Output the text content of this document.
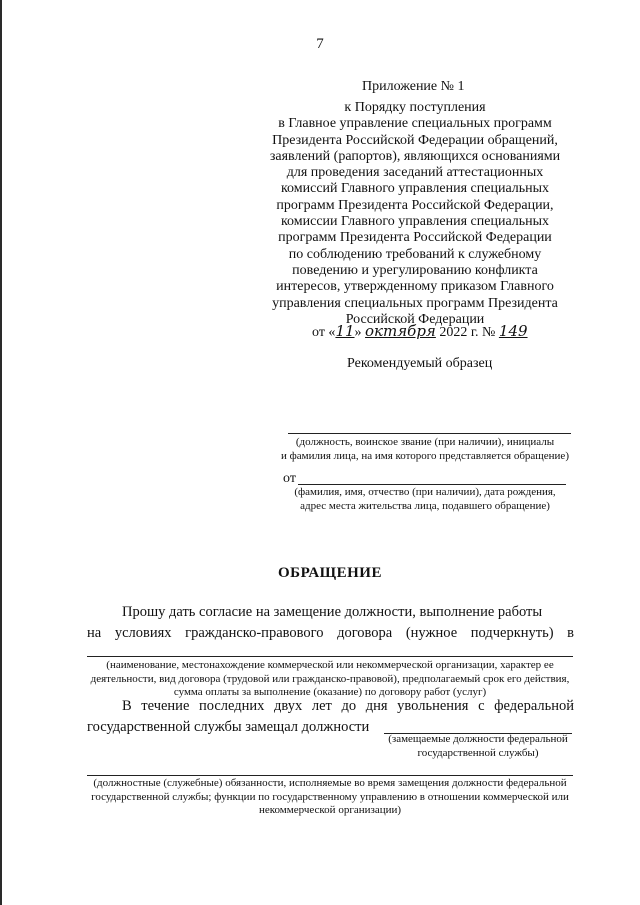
7
Приложение № 1
к Порядку поступления
в Главное управление специальных программ
Президента Российской Федерации обращений,
заявлений (рапортов), являющихся основаниями
для проведения заседаний аттестационных
комиссий Главного управления специальных
программ Президента Российской Федерации,
комиссии Главного управления специальных
программ Президента Российской Федерации
по соблюдению требований к служебному
поведению и урегулированию конфликта
интересов, утвержденному приказом Главного
управления специальных программ Президента
Российской Федерации
от «11» октября 2022 г. № 149
Рекомендуемый образец
(должность, воинское звание (при наличии), инициалы
и фамилия лица, на имя которого представляется обращение)
от
(фамилия, имя, отчество (при наличии), дата рождения,
адрес места жительства лица, подавшего обращение)
ОБРАЩЕНИЕ
Прошу дать согласие на замещение должности, выполнение работы
на условиях гражданско-правового договора (нужное подчеркнуть) в
(наименование, местонахождение коммерческой или некоммерческой организации, характер ее
деятельности, вид договора (трудовой или гражданско-правовой), предполагаемый срок его действия,
сумма оплаты за выполнение (оказание) по договору работ (услуг)
В течение последних двух лет до дня увольнения с федеральной
государственной службы замещал должности
(замещаемые должности федеральной
государственной службы)
(должностные (служебные) обязанности, исполняемые во время замещения должности федеральной
государственной службы; функции по государственному управлению в отношении коммерческой или
некоммерческой организации)
